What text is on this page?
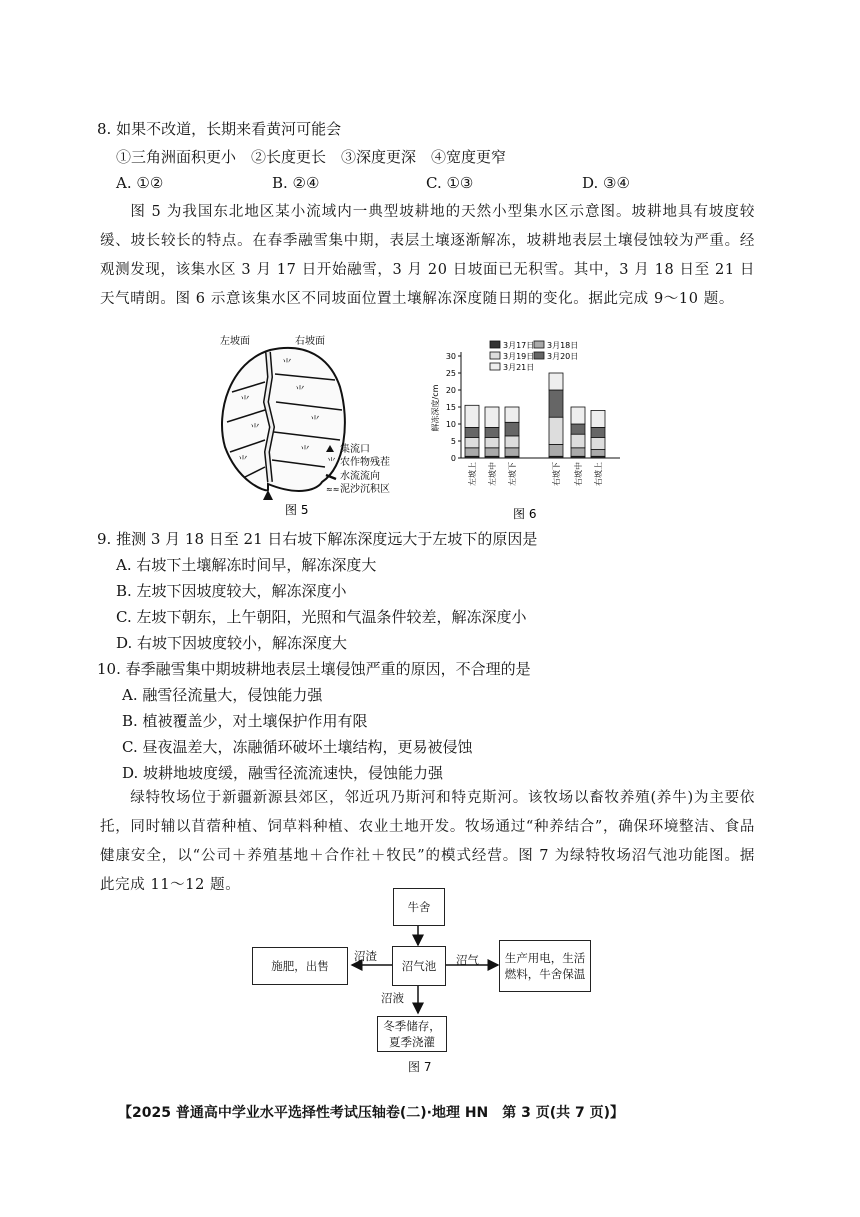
8. 如果不改道，长期来看黄河可能会
①三角洲面积更小　②长度更长　③深度更深　④宽度更窄
A. ①②	B. ②④	C. ①③	D. ③④
图 5 为我国东北地区某小流域内一典型坡耕地的天然小型集水区示意图。坡耕地具有坡度较缓、坡长较长的特点。在春季融雪集中期，表层土壤逐渐解冻，坡耕地表层土壤侵蚀较为严重。经观测发现，该集水区 3 月 17 日开始融雪，3 月 20 日坡面已无积雪。其中，3 月 18 日至 21 日天气晴朗。图 6 示意该集水区不同坡面位置土壤解冻深度随日期的变化。据此完成 9～10 题。
⺌
⺌
⺌
⺌
⺌
⺌
⺌
左坡面	右坡面
集流口
⺌ 农作物残茬
水流流向
≈≈ 泥沙沉积区
图 5
0
5
10
15
20
25
30
解冻深度/cm
左坡上 左坡中 左坡下	右坡下 右坡中 右坡上
3月17日 3月18日
3月19日 3月20日
3月21日
图 6
9. 推测 3 月 18 日至 21 日右坡下解冻深度远大于左坡下的原因是
A. 右坡下土壤解冻时间早，解冻深度大
B. 左坡下因坡度较大，解冻深度小
C. 左坡下朝东，上午朝阳，光照和气温条件较差，解冻深度小
D. 右坡下因坡度较小，解冻深度大
10. 春季融雪集中期坡耕地表层土壤侵蚀严重的原因，不合理的是
A. 融雪径流量大，侵蚀能力强
B. 植被覆盖少，对土壤保护作用有限
C. 昼夜温差大，冻融循环破坏土壤结构，更易被侵蚀
D. 坡耕地坡度缓，融雪径流流速快，侵蚀能力强
绿特牧场位于新疆新源县郊区，邻近巩乃斯河和特克斯河。该牧场以畜牧养殖(养牛)为主要依托，同时辅以苜蓿种植、饲草料种植、农业土地开发。牧场通过“种养结合”，确保环境整洁、食品健康安全，以“公司＋养殖基地＋合作社＋牧民”的模式经营。图 7 为绿特牧场沼气池功能图。据此完成 11～12 题。
牛舍
沼气池
施肥，出售
生产用电，生活燃料，牛舍保温
冬季储存，夏季浇灌
沼渣	沼气
沼液
图 7
【2025 普通高中学业水平选择性考试压轴卷(二)·地理 HN　第 3 页(共 7 页)】
